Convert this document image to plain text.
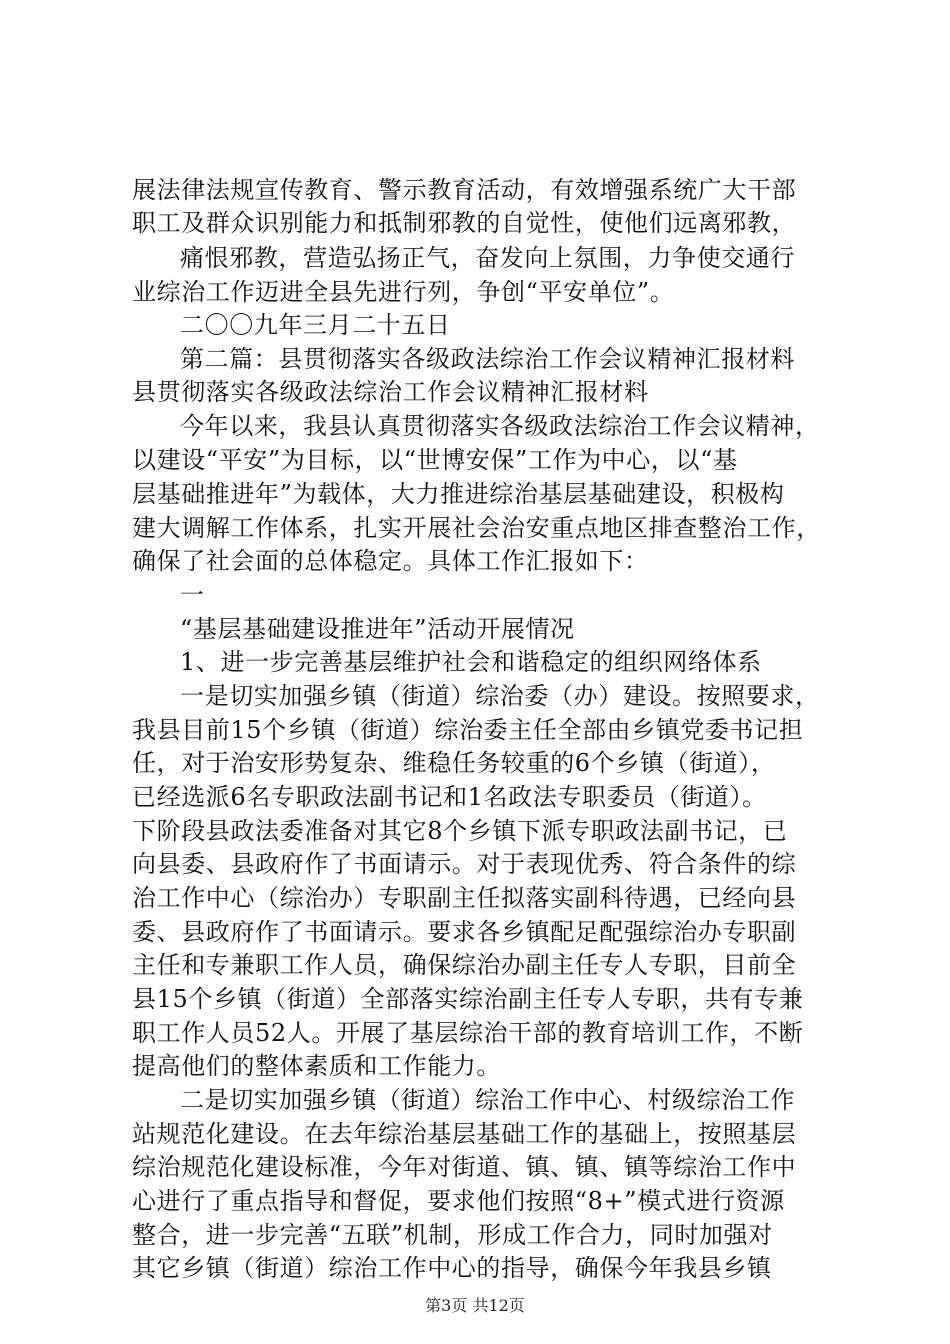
展法律法规宣传教育、警示教育活动，有效增强系统广大干部
职工及群众识别能力和抵制邪教的自觉性，使他们远离邪教，
痛恨邪教，营造弘扬正气，奋发向上氛围，力争使交通行
业综治工作迈进全县先进行列，争创“平安单位”。
二〇〇九年三月二十五日
第二篇：县贯彻落实各级政法综治工作会议精神汇报材料
县贯彻落实各级政法综治工作会议精神汇报材料
今年以来，我县认真贯彻落实各级政法综治工作会议精神，
以建设“平安”为目标，以“世博安保”工作为中心，以“基
层基础推进年”为载体，大力推进综治基层基础建设，积极构
建大调解工作体系，扎实开展社会治安重点地区排查整治工作，
确保了社会面的总体稳定。具体工作汇报如下：
一
“基层基础建设推进年”活动开展情况
1、进一步完善基层维护社会和谐稳定的组织网络体系
一是切实加强乡镇（街道）综治委（办）建设。按照要求，
我县目前15个乡镇（街道）综治委主任全部由乡镇党委书记担
任，对于治安形势复杂、维稳任务较重的6个乡镇（街道），
已经选派6名专职政法副书记和1名政法专职委员（街道）。
下阶段县政法委准备对其它8个乡镇下派专职政法副书记，已
向县委、县政府作了书面请示。对于表现优秀、符合条件的综
治工作中心（综治办）专职副主任拟落实副科待遇，已经向县
委、县政府作了书面请示。要求各乡镇配足配强综治办专职副
主任和专兼职工作人员，确保综治办副主任专人专职，目前全
县15个乡镇（街道）全部落实综治副主任专人专职，共有专兼
职工作人员52人。开展了基层综治干部的教育培训工作，不断
提高他们的整体素质和工作能力。
二是切实加强乡镇（街道）综治工作中心、村级综治工作
站规范化建设。在去年综治基层基础工作的基础上，按照基层
综治规范化建设标准，今年对街道、镇、镇、镇等综治工作中
心进行了重点指导和督促，要求他们按照“8+”模式进行资源
整合，进一步完善“五联”机制，形成工作合力，同时加强对
其它乡镇（街道）综治工作中心的指导，确保今年我县乡镇
第3页 共12页
